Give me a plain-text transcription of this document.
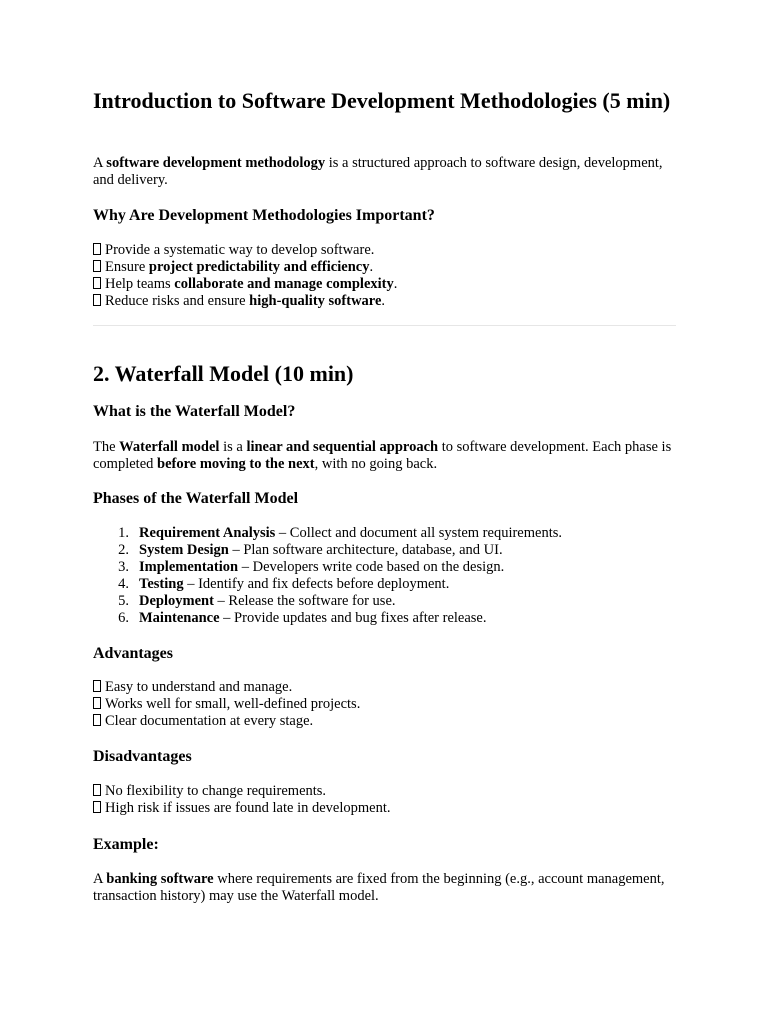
Introduction to Software Development Methodologies (5 min)

A software development methodology is a structured approach to software design, development, and delivery.

Why Are Development Methodologies Important?
Provide a systematic way to develop software.
Ensure project predictability and efficiency.
Help teams collaborate and manage complexity.
Reduce risks and ensure high-quality software.
2. Waterfall Model (10 min)
What is the Waterfall Model?

The Waterfall model is a linear and sequential approach to software development. Each phase is completed before moving to the next, with no going back.

Phases of the Waterfall Model
1. Requirement Analysis – Collect and document all system requirements.
2. System Design – Plan software architecture, database, and UI.
3. Implementation – Developers write code based on the design.
4. Testing – Identify and fix defects before deployment.
5. Deployment – Release the software for use.
6. Maintenance – Provide updates and bug fixes after release.
Advantages
Easy to understand and manage.
Works well for small, well-defined projects.
Clear documentation at every stage.
Disadvantages
No flexibility to change requirements.
High risk if issues are found late in development.
Example:

A banking software where requirements are fixed from the beginning (e.g., account management, transaction history) may use the Waterfall model.
